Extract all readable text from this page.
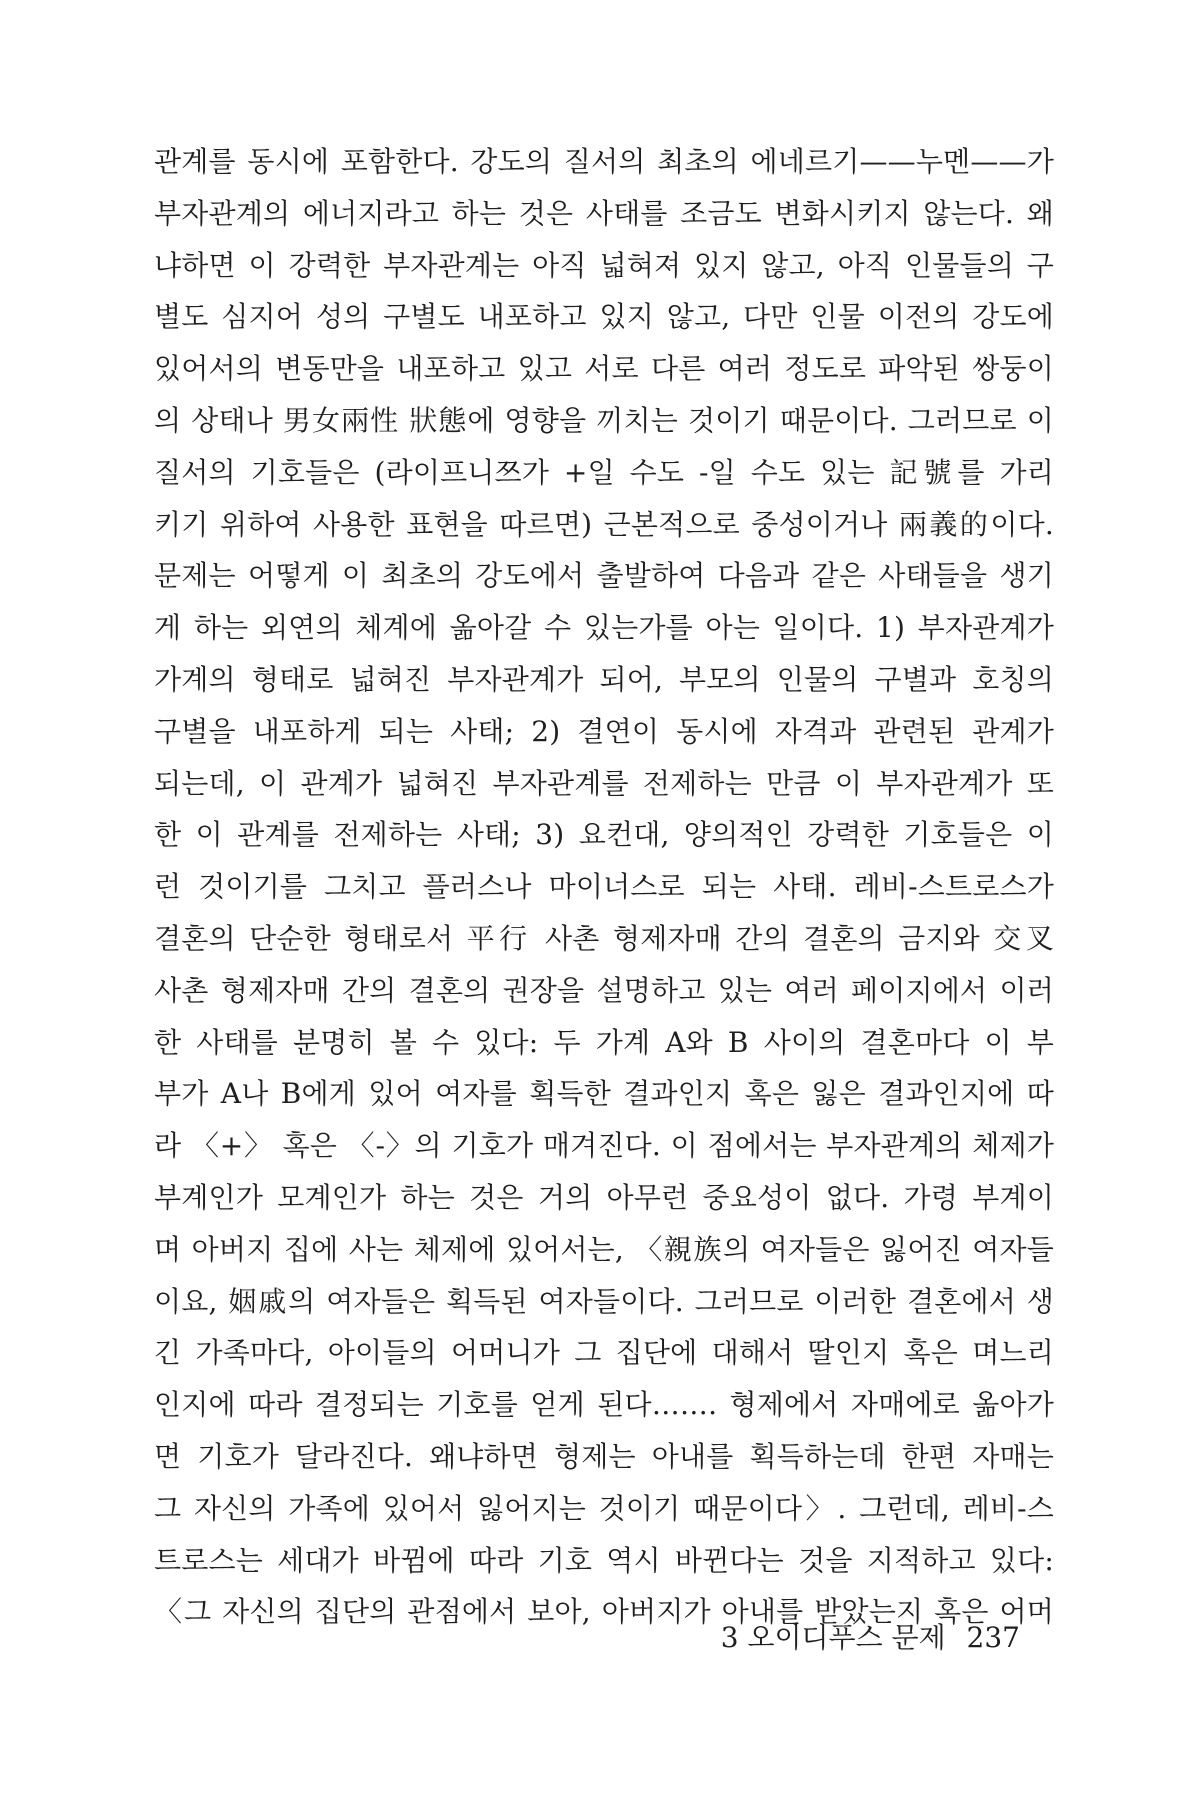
관계를 동시에 포함한다. 강도의 질서의 최초의 에네르기——누멘——가
부자관계의 에너지라고 하는 것은 사태를 조금도 변화시키지 않는다. 왜
냐하면 이 강력한 부자관계는 아직 넓혀져 있지 않고, 아직 인물들의 구
별도 심지어 성의 구별도 내포하고 있지 않고, 다만 인물 이전의 강도에
있어서의 변동만을 내포하고 있고 서로 다른 여러 정도로 파악된 쌍둥이
의 상태나 男女兩性 狀態에 영향을 끼치는 것이기 때문이다. 그러므로 이
질서의 기호들은 (라이프니쯔가 +일 수도 -일 수도 있는 記號를 가리
키기 위하여 사용한 표현을 따르면) 근본적으로 중성이거나 兩義的이다.
문제는 어떻게 이 최초의 강도에서 출발하여 다음과 같은 사태들을 생기
게 하는 외연의 체계에 옮아갈 수 있는가를 아는 일이다. 1) 부자관계가
가계의 형태로 넓혀진 부자관계가 되어, 부모의 인물의 구별과 호칭의
구별을 내포하게 되는 사태; 2) 결연이 동시에 자격과 관련된 관계가
되는데, 이 관계가 넓혀진 부자관계를 전제하는 만큼 이 부자관계가 또
한 이 관계를 전제하는 사태; 3) 요컨대, 양의적인 강력한 기호들은 이
런 것이기를 그치고 플러스나 마이너스로 되는 사태. 레비-스트로스가
결혼의 단순한 형태로서 平行 사촌 형제자매 간의 결혼의 금지와 交叉
사촌 형제자매 간의 결혼의 권장을 설명하고 있는 여러 페이지에서 이러
한 사태를 분명히 볼 수 있다: 두 가계 A와 B 사이의 결혼마다 이 부
부가 A나 B에게 있어 여자를 획득한 결과인지 혹은 잃은 결과인지에 따
라 〈+〉 혹은 〈-〉의 기호가 매겨진다. 이 점에서는 부자관계의 체제가
부계인가 모계인가 하는 것은 거의 아무런 중요성이 없다. 가령 부계이
며 아버지 집에 사는 체제에 있어서는, 〈親族의 여자들은 잃어진 여자들
이요, 姻戚의 여자들은 획득된 여자들이다. 그러므로 이러한 결혼에서 생
긴 가족마다, 아이들의 어머니가 그 집단에 대해서 딸인지 혹은 며느리
인지에 따라 결정되는 기호를 얻게 된다……. 형제에서 자매에로 옮아가
면 기호가 달라진다. 왜냐하면 형제는 아내를 획득하는데 한편 자매는
그 자신의 가족에 있어서 잃어지는 것이기 때문이다〉. 그런데, 레비-스
트로스는 세대가 바뀜에 따라 기호 역시 바뀐다는 것을 지적하고 있다:
〈그 자신의 집단의 관점에서 보아, 아버지가 아내를 받았는지 혹은 어머
3 오이디푸스 문제 237
